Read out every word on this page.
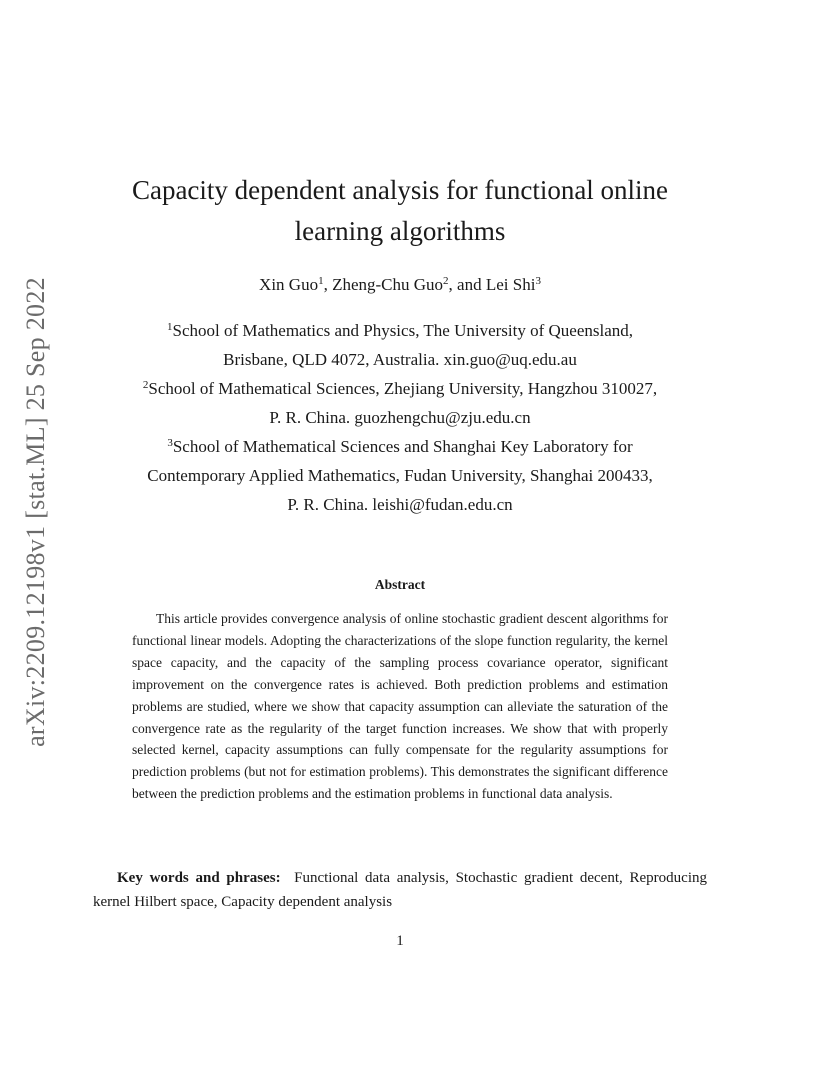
arXiv:2209.12198v1 [stat.ML] 25 Sep 2022
Capacity dependent analysis for functional online
learning algorithms
Xin Guo$^1$, Zheng-Chu Guo$^2$, and Lei Shi$^3$

$^1$School of Mathematics and Physics, The University of Queensland,
Brisbane, QLD 4072, Australia. xin.guo@uq.edu.au

$^2$School of Mathematical Sciences, Zhejiang University, Hangzhou 310027,
P. R. China. guozhengchu@zju.edu.cn

$^3$School of Mathematical Sciences and Shanghai Key Laboratory for
Contemporary Applied Mathematics, Fudan University, Shanghai 200433,
P. R. China. leishi@fudan.edu.cn

Abstract

This article provides convergence analysis of online stochastic gradient descent algorithms for functional linear models. Adopting the characterizations of the slope function regularity, the kernel space capacity, and the capacity of the sampling process covariance operator, significant improvement on the convergence rates is achieved. Both prediction problems and estimation problems are studied, where we show that capacity assumption can alleviate the saturation of the convergence rate as the regularity of the target function increases. We show that with properly selected kernel, capacity assumptions can fully compensate for the regularity assumptions for prediction problems (but not for estimation problems). This demonstrates the significant difference between the prediction problems and the estimation problems in functional data analysis.

Key words and phrases: Functional data analysis, Stochastic gradient decent, Reproducing kernel Hilbert space, Capacity dependent analysis

1
